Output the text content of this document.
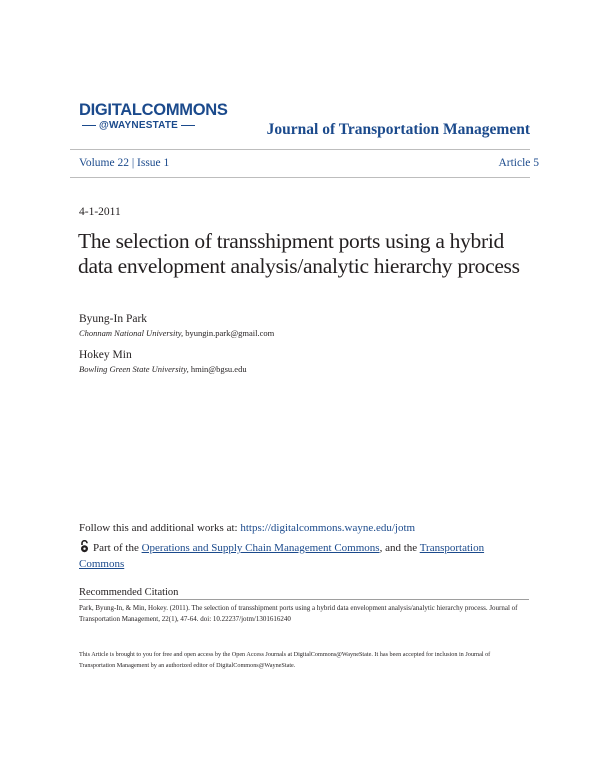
DIGITALCOMMONS
@WAYNESTATE	Journal of Transportation Management
Volume 22 | Issue 1	Article 5
4-1-2011
The selection of transshipment ports using a hybrid data envelopment analysis/analytic hierarchy process
Byung-In Park
Chonnam National University, byungin.park@gmail.com
Hokey Min
Bowling Green State University, hmin@bgsu.edu
Follow this and additional works at: https://digitalcommons.wayne.edu/jotm
Part of the Operations and Supply Chain Management Commons, and the Transportation Commons
Recommended Citation
Park, Byung-In, & Min, Hokey. (2011). The selection of transshipment ports using a hybrid data envelopment analysis/analytic hierarchy process. Journal of Transportation Management, 22(1), 47-64. doi: 10.22237/jotm/1301616240
This Article is brought to you for free and open access by the Open Access Journals at DigitalCommons@WayneState. It has been accepted for inclusion in Journal of Transportation Management by an authorized editor of DigitalCommons@WayneState.
